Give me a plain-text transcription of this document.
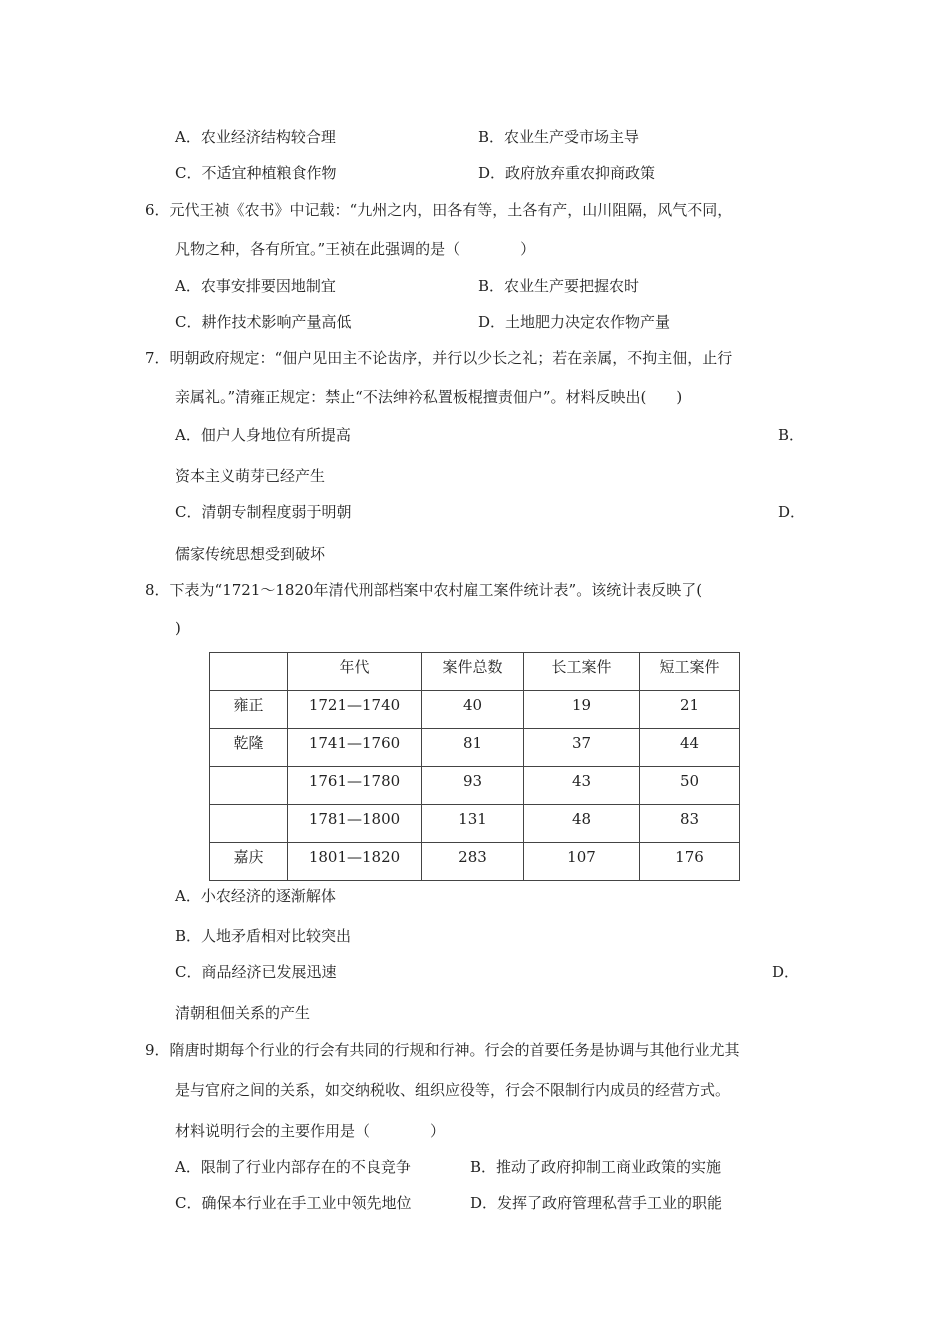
A．农业经济结构较合理	B．农业生产受市场主导
C．不适宜种植粮食作物	D．政府放弃重农抑商政策
6．元代王祯《农书》中记载：“九州之内，田各有等，土各有产，山川阻隔，风气不同，
凡物之种，各有所宜。”王祯在此强调的是（　　　　）
A．农事安排要因地制宜	B．农业生产要把握农时
C．耕作技术影响产量高低	D．土地肥力决定农作物产量
7．明朝政府规定：“佃户见田主不论齿序，并行以少长之礼；若在亲属，不拘主佃，止行
亲属礼。”清雍正规定：禁止“不法绅衿私置板棍擅责佃户”。材料反映出(　　)
A．佃户人身地位有所提高	B．
资本主义萌芽已经产生
C．清朝专制程度弱于明朝	D．
儒家传统思想受到破坏
8．下表为“1721～1820年清代刑部档案中农村雇工案件统计表”。该统计表反映了(
)
	年代	案件总数	长工案件	短工案件
雍正	1721—1740	40	19	21
乾隆	1741—1760	81	37	44
	1761—1780	93	43	50
	1781—1800	131	48	83
嘉庆	1801—1820	283	107	176
A．小农经济的逐渐解体
B．人地矛盾相对比较突出
C．商品经济已发展迅速	D．
清朝租佃关系的产生
9．隋唐时期每个行业的行会有共同的行规和行神。行会的首要任务是协调与其他行业尤其
是与官府之间的关系，如交纳税收、组织应役等，行会不限制行内成员的经营方式。
材料说明行会的主要作用是（　　　　）
A．限制了行业内部存在的不良竞争	B．推动了政府抑制工商业政策的实施
C．确保本行业在手工业中领先地位	D．发挥了政府管理私营手工业的职能
